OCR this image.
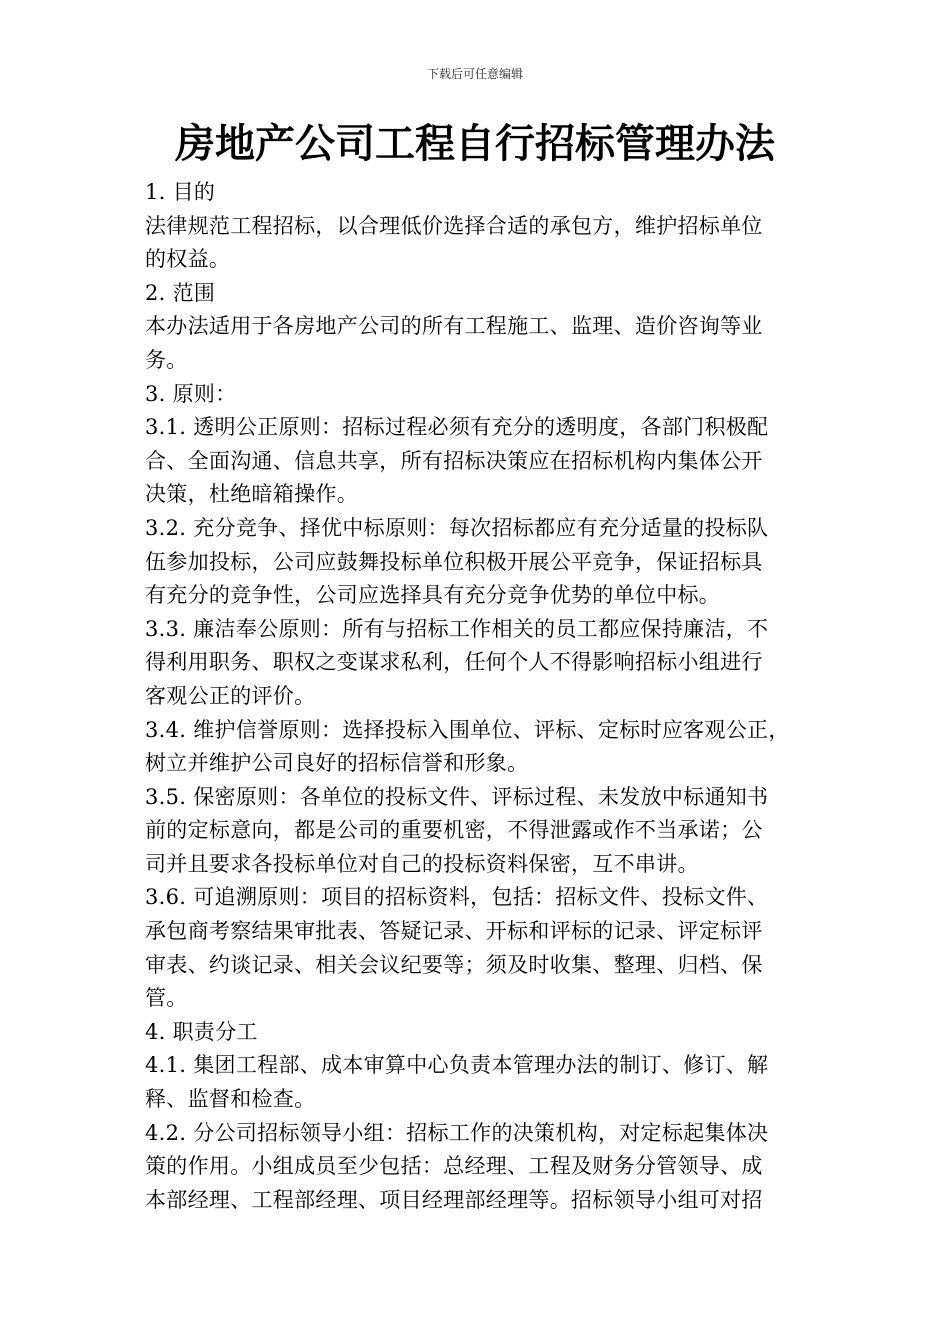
下载后可任意编辑
房地产公司工程自行招标管理办法

1. 目的

法律规范工程招标，以合理低价选择合适的承包方，维护招标单位

的权益。

2. 范围

本办法适用于各房地产公司的所有工程施工、监理、造价咨询等业

务。

3. 原则：

3.1. 透明公正原则：招标过程必须有充分的透明度，各部门积极配

合、全面沟通、信息共享，所有招标决策应在招标机构内集体公开

决策，杜绝暗箱操作。

3.2. 充分竞争、择优中标原则：每次招标都应有充分适量的投标队

伍参加投标，公司应鼓舞投标单位积极开展公平竞争，保证招标具

有充分的竞争性，公司应选择具有充分竞争优势的单位中标。

3.3. 廉洁奉公原则：所有与招标工作相关的员工都应保持廉洁，不

得利用职务、职权之变谋求私利，任何个人不得影响招标小组进行

客观公正的评价。

3.4. 维护信誉原则：选择投标入围单位、评标、定标时应客观公正，

树立并维护公司良好的招标信誉和形象。

3.5. 保密原则：各单位的投标文件、评标过程、未发放中标通知书

前的定标意向，都是公司的重要机密，不得泄露或作不当承诺；公

司并且要求各投标单位对自己的投标资料保密，互不串讲。

3.6. 可追溯原则：项目的招标资料，包括：招标文件、投标文件、

承包商考察结果审批表、答疑记录、开标和评标的记录、评定标评

审表、约谈记录、相关会议纪要等；须及时收集、整理、归档、保

管。

4. 职责分工

4.1. 集团工程部、成本审算中心负责本管理办法的制订、修订、解

释、监督和检查。

4.2. 分公司招标领导小组：招标工作的决策机构，对定标起集体决

策的作用。小组成员至少包括：总经理、工程及财务分管领导、成

本部经理、工程部经理、项目经理部经理等。招标领导小组可对招
